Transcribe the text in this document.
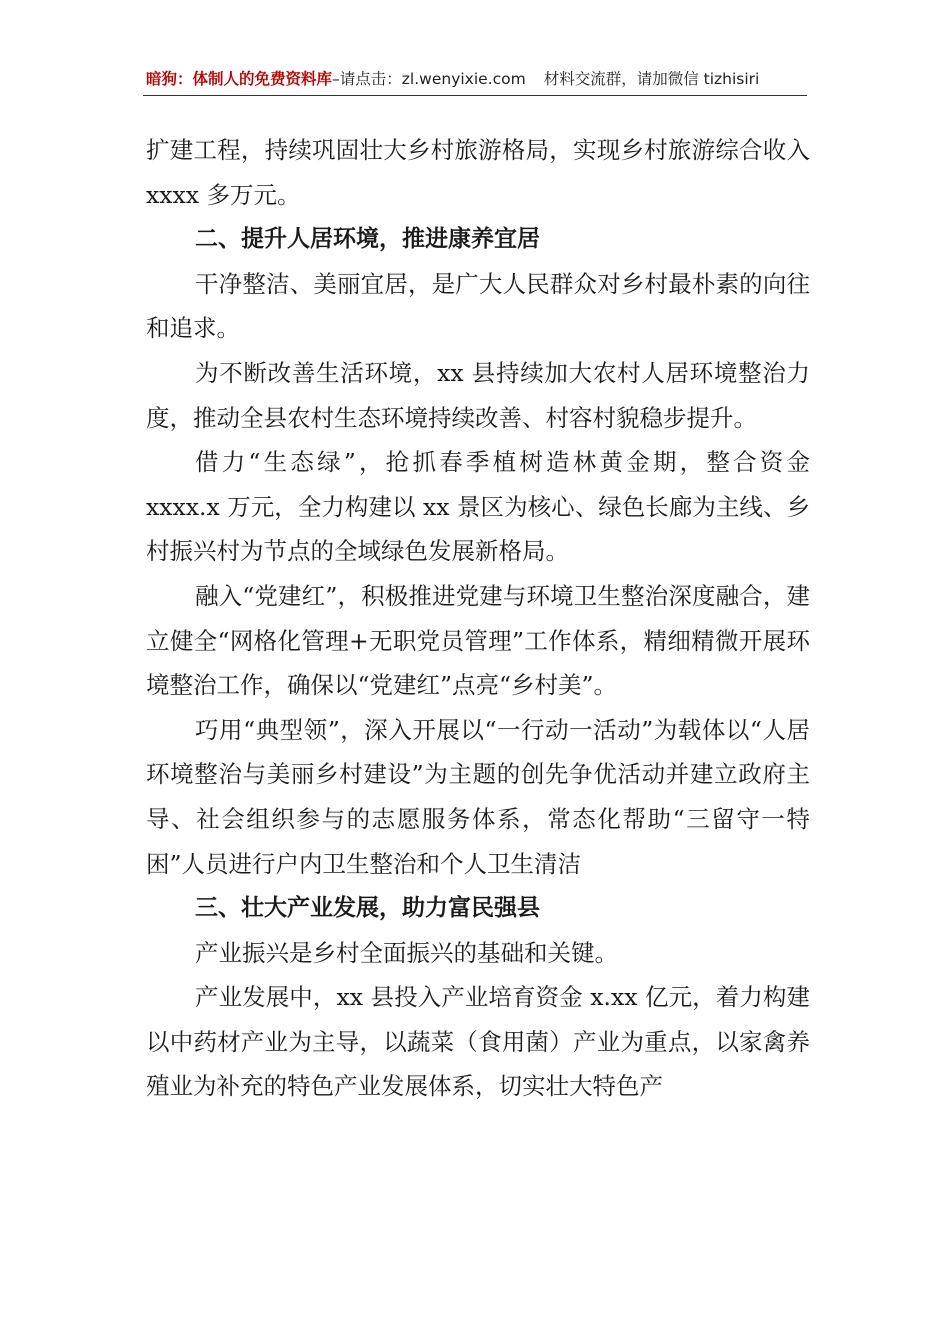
暗狗：体制人的免费资料库–请点击：zl.wenyixie.com 材料交流群，请加微信 tizhisiri

扩建工程，持续巩固壮大乡村旅游格局，实现乡村旅游综合收入 xxxx 多万元。

二、提升人居环境，推进康养宜居

干净整洁、美丽宜居，是广大人民群众对乡村最朴素的向往和追求。

为不断改善生活环境，xx 县持续加大农村人居环境整治力度，推动全县农村生态环境持续改善、村容村貌稳步提升。

借力“生态绿”，抢抓春季植树造林黄金期，整合资金 xxxx.x 万元，全力构建以 xx 景区为核心、绿色长廊为主线、乡村振兴村为节点的全域绿色发展新格局。

融入“党建红”，积极推进党建与环境卫生整治深度融合，建立健全“网格化管理+无职党员管理”工作体系，精细精微开展环境整治工作，确保以“党建红”点亮“乡村美”。

巧用“典型领”，深入开展以“一行动一活动”为载体以“人居环境整治与美丽乡村建设”为主题的创先争优活动并建立政府主导、社会组织参与的志愿服务体系，常态化帮助“三留守一特困”人员进行户内卫生整治和个人卫生清洁

三、壮大产业发展，助力富民强县

产业振兴是乡村全面振兴的基础和关键。

产业发展中，xx 县投入产业培育资金 x.xx 亿元，着力构建以中药材产业为主导，以蔬菜（食用菌）产业为重点，以家禽养殖业为补充的特色产业发展体系，切实壮大特色产
